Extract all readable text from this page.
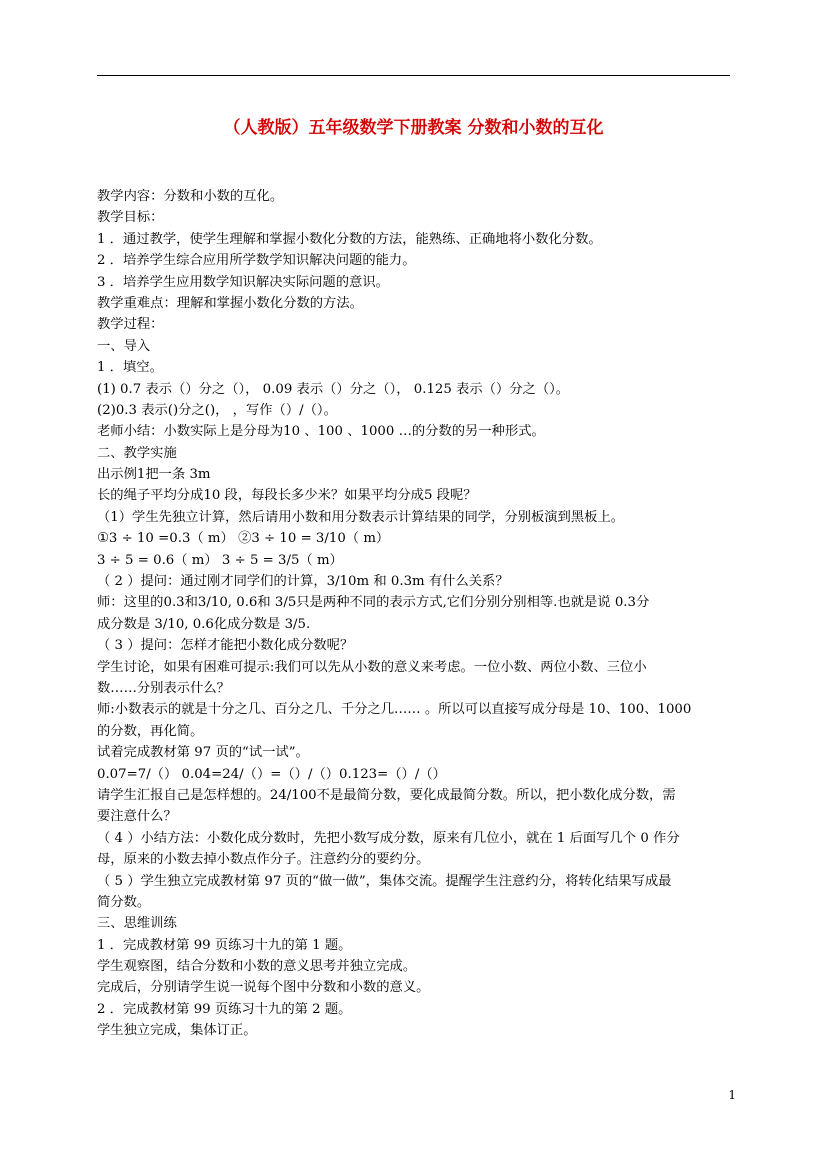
（人教版）五年级数学下册教案 分数和小数的互化
教学内容：分数和小数的互化。
教学目标：
1 ．通过教学，使学生理解和掌握小数化分数的方法，能熟练、正确地将小数化分数。
2 ．培养学生综合应用所学数学知识解决问题的能力。
3 ．培养学生应用数学知识解决实际问题的意识。
教学重难点：理解和掌握小数化分数的方法。
教学过程：
一、导入
1 ．填空。
(1) 0.7 表示（）分之（）， 0.09 表示（）分之（）， 0.125 表示（）分之（）。
(2)0.3 表示()分之()， ，写作（）/（）。
老师小结：小数实际上是分母为10 、100 、1000 …的分数的另一种形式。
二、教学实施
出示例1把一条 3m
长的绳子平均分成10 段，每段长多少米？如果平均分成5 段呢？
（1）学生先独立计算，然后请用小数和用分数表示计算结果的同学，分别板演到黑板上。
①3 ÷ 10 =0.3（ m） ②3 ÷ 10 = 3/10（ m）
3 ÷ 5 = 0.6（ m） 3 ÷ 5 = 3/5（ m）
（ 2 ）提问：通过刚才同学们的计算，3/10m 和 0.3m 有什么关系？
师：这里的0.3和3/10, 0.6和 3/5只是两种不同的表示方式,它们分别分别相等.也就是说 0.3分
成分数是 3/10, 0.6化成分数是 3/5.
（ 3 ）提问：怎样才能把小数化成分数呢？
学生讨论，如果有困难可提示:我们可以先从小数的意义来考虑。一位小数、两位小数、三位小
数……分别表示什么？
师:小数表示的就是十分之几、百分之几、千分之几…… 。所以可以直接写成分母是 10、100、1000
的分数，再化简。
试着完成教材第 97 页的“试一试”。
0.07=7/（） 0.04=24/（）=（）/（）0.123=（）/（）
请学生汇报自己是怎样想的。24/100不是最简分数，要化成最简分数。所以，把小数化成分数，需
要注意什么？
（ 4 ）小结方法：小数化成分数时，先把小数写成分数，原来有几位小，就在 1 后面写几个 0 作分
母，原来的小数去掉小数点作分子。注意约分的要约分。
（ 5 ）学生独立完成教材第 97 页的“做一做”，集体交流。提醒学生注意约分，将转化结果写成最
简分数。
三、思维训练
1 ．完成教材第 99 页练习十九的第 1 题。
学生观察图，结合分数和小数的意义思考并独立完成。
完成后，分别请学生说一说每个图中分数和小数的意义。
2 ．完成教材第 99 页练习十九的第 2 题。
学生独立完成，集体订正。
1
